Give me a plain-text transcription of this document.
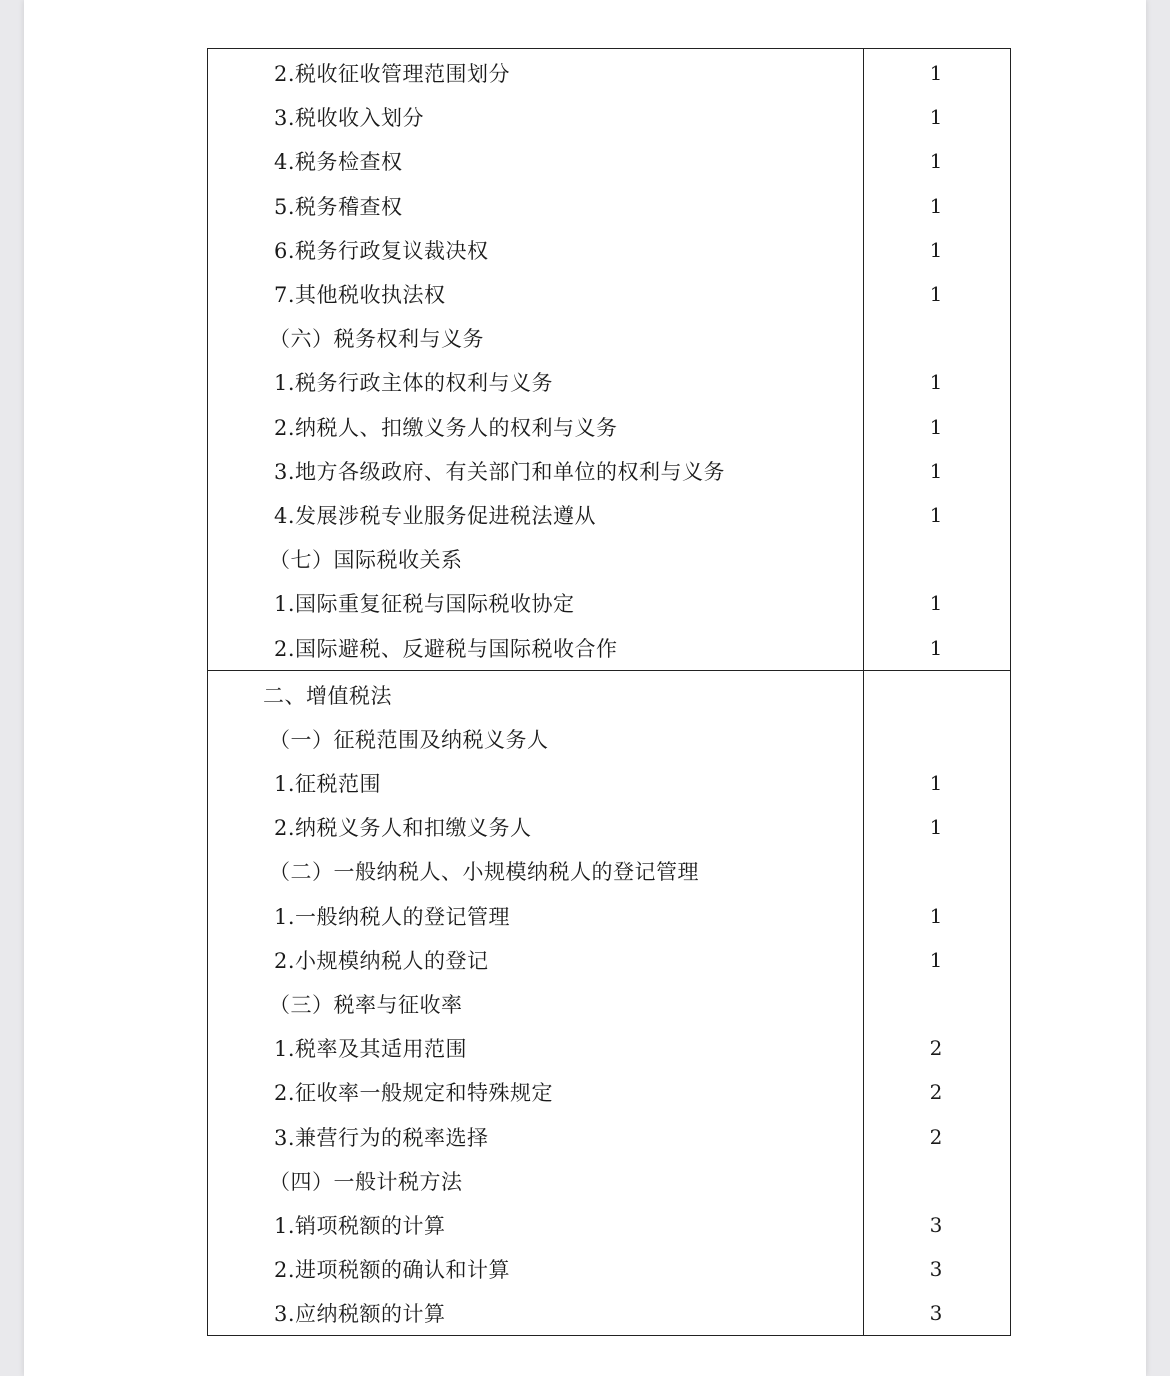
2.税收征收管理范围划分	1
3.税收收入划分	1
4.税务检查权	1
5.税务稽查权	1
6.税务行政复议裁决权	1
7.其他税收执法权	1
（六）税务权利与义务
1.税务行政主体的权利与义务	1
2.纳税人、扣缴义务人的权利与义务	1
3.地方各级政府、有关部门和单位的权利与义务	1
4.发展涉税专业服务促进税法遵从	1
（七）国际税收关系
1.国际重复征税与国际税收协定	1
2.国际避税、反避税与国际税收合作	1
二、增值税法
（一）征税范围及纳税义务人
1.征税范围	1
2.纳税义务人和扣缴义务人	1
（二）一般纳税人、小规模纳税人的登记管理
1.一般纳税人的登记管理	1
2.小规模纳税人的登记	1
（三）税率与征收率
1.税率及其适用范围	2
2.征收率一般规定和特殊规定	2
3.兼营行为的税率选择	2
（四）一般计税方法
1.销项税额的计算	3
2.进项税额的确认和计算	3
3.应纳税额的计算	3
